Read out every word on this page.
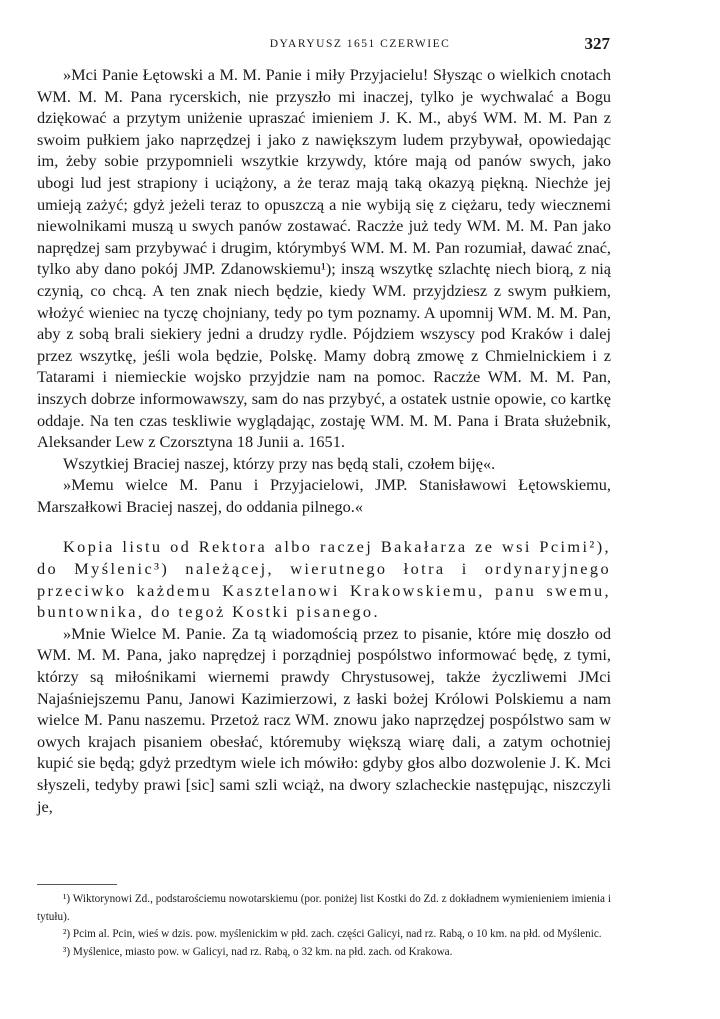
DYARYUSZ 1651 CZERWIEC	327

»Mci Panie Łętowski a M. M. Panie i miły Przyjacielu! Słysząc o wielkich cnotach WM. M. M. Pana rycerskich, nie przyszło mi inaczej, tylko je wychwalać a Bogu dziękować a przytym uniżenie upraszać imieniem J. K. M., abyś WM. M. M. Pan z swoim pułkiem jako naprzędzej i jako z nawiększym ludem przybywał, opowiedając im, żeby sobie przypomnieli wszytkie krzywdy, które mają od panów swych, jako ubogi lud jest strapiony i uciążony, a że teraz mają taką okazyą piękną. Niechże jej umieją zażyć; gdyż jeżeli teraz to opuszczą a nie wybiją się z ciężaru, tedy wiecznemi niewolnikami muszą u swych panów zostawać. Raczże już tedy WM. M. M. Pan jako naprędzej sam przybywać i drugim, którymbyś WM. M. M. Pan rozumiał, dawać znać, tylko aby dano pokój JMP. Zdanowskiemu¹); inszą wszytkę szlachtę niech biorą, z nią czynią, co chcą. A ten znak niech będzie, kiedy WM. przyjdziesz z swym pułkiem, włożyć wieniec na tyczę chojniany, tedy po tym poznamy. A upomnij WM. M. M. Pan, aby z sobą brali siekiery jedni a drudzy rydle. Pójdziem wszyscy pod Kraków i dalej przez wszytkę, jeśli wola będzie, Polskę. Mamy dobrą zmowę z Chmielnickiem i z Tatarami i niemieckie wojsko przyjdzie nam na pomoc. Raczże WM. M. M. Pan, inszych dobrze informowawszy, sam do nas przybyć, a ostatek ustnie opowie, co kartkę oddaje. Na ten czas teskliwie wyglądając, zostaję WM. M. M. Pana i Brata służebnik, Aleksander Lew z Czorsztyna 18 Junii a. 1651.

Wszytkiej Braciej naszej, którzy przy nas będą stali, czołem biję«.

»Memu wielce M. Panu i Przyjacielowi, JMP. Stanisławowi Łętowskiemu, Marszałkowi Braciej naszej, do oddania pilnego.«

Kopia listu od Rektora albo raczej Bakałarza ze wsi Pcimi²), do Myślenic³) należącej, wierutnego łotra i ordynaryjnego przeciwko każdemu Kasztelanowi Krakowskiemu, panu swemu, buntownika, do tegoż Kostki pisanego.

»Mnie Wielce M. Panie. Za tą wiadomością przez to pisanie, które mię doszło od WM. M. M. Pana, jako naprędzej i porządniej pospólstwo informować będę, z tymi, którzy są miłośnikami wiernemi prawdy Chrystusowej, także życzliwemi JMci Najaśniejszemu Panu, Janowi Kazimierzowi, z łaski bożej Królowi Polskiemu a nam wielce M. Panu naszemu. Przetoż racz WM. znowu jako naprzędzej pospólstwo sam w owych krajach pisaniem obesłać, któremuby większą wiarę dali, a zatym ochotniej kupić sie będą; gdyż przedtym wiele ich mówiło: gdyby głos albo dozwolenie J. K. Mci słyszeli, tedyby prawi [sic] sami szli wciąż, na dwory szlacheckie następując, niszczyli je,

¹) Wiktorynowi Zd., podstarościemu nowotarskiemu (por. poniżej list Kostki do Zd. z dokładnem wymienieniem imienia i tytułu).

²) Pcim al. Pcin, wieś w dzis. pow. myślenickim w płd. zach. części Galicyi, nad rz. Rabą, o 10 km. na płd. od Myślenic.

³) Myślenice, miasto pow. w Galicyi, nad rz. Rabą, o 32 km. na płd. zach. od Krakowa.
